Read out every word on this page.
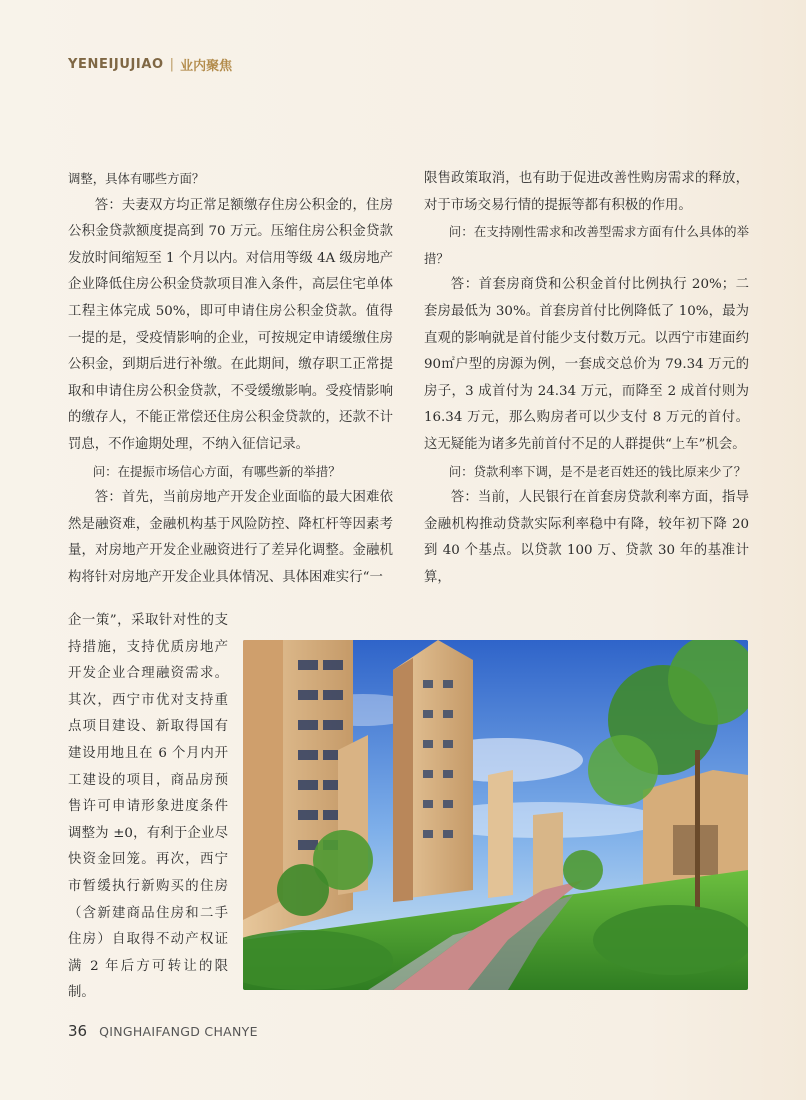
YENEIJUJIAO | 业内聚焦

调整，具体有哪些方面？

答：夫妻双方均正常足额缴存住房公积金的，住房公积金贷款额度提高到 70 万元。压缩住房公积金贷款发放时间缩短至 1 个月以内。对信用等级 4A 级房地产企业降低住房公积金贷款项目准入条件，高层住宅单体工程主体完成 50%，即可申请住房公积金贷款。值得一提的是，受疫情影响的企业，可按规定申请缓缴住房公积金，到期后进行补缴。在此期间，缴存职工正常提取和申请住房公积金贷款，不受缓缴影响。受疫情影响的缴存人，不能正常偿还住房公积金贷款的，还款不计罚息，不作逾期处理，不纳入征信记录。

问：在提振市场信心方面，有哪些新的举措？

答：首先，当前房地产开发企业面临的最大困难依然是融资难，金融机构基于风险防控、降杠杆等因素考量，对房地产开发企业融资进行了差异化调整。金融机构将针对房地产开发企业具体情况、具体困难实行“一

企一策”，采取针对性的支持措施，支持优质房地产开发企业合理融资需求。其次，西宁市优对支持重点项目建设、新取得国有建设用地且在 6 个月内开工建设的项目，商品房预售许可申请形象进度条件调整为 ±0，有利于企业尽快资金回笼。再次，西宁市暂缓执行新购买的住房（含新建商品住房和二手住房）自取得不动产权证满 2 年后方可转让的限制。

限售政策取消，也有助于促进改善性购房需求的释放，对于市场交易行情的提振等都有积极的作用。

问：在支持刚性需求和改善型需求方面有什么具体的举措？

答：首套房商贷和公积金首付比例执行 20%；二套房最低为 30%。首套房首付比例降低了 10%，最为直观的影响就是首付能少支付数万元。以西宁市建面约 90㎡户型的房源为例，一套成交总价为 79.34 万元的房子，3 成首付为 24.34 万元，而降至 2 成首付则为 16.34 万元，那么购房者可以少支付 8 万元的首付。这无疑能为诸多先前首付不足的人群提供“上车”机会。

问：贷款利率下调，是不是老百姓还的钱比原来少了？

答：当前，人民银行在首套房贷款利率方面，指导金融机构推动贷款实际利率稳中有降，较年初下降 20 到 40 个基点。以贷款 100 万、贷款 30 年的基准计算，

36 QINGHAIFANGD CHANYE
